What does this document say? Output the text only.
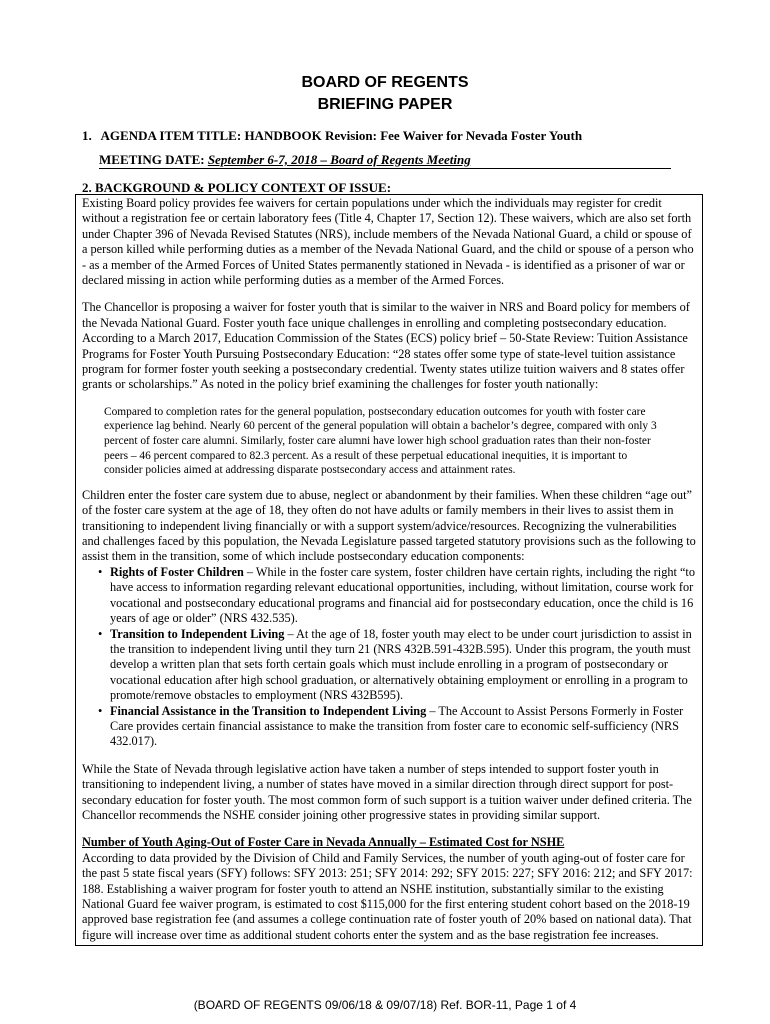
BOARD OF REGENTS
BRIEFING PAPER
1. AGENDA ITEM TITLE: HANDBOOK Revision: Fee Waiver for Nevada Foster Youth
MEETING DATE: September 6-7, 2018 – Board of Regents Meeting
2. BACKGROUND & POLICY CONTEXT OF ISSUE:

Existing Board policy provides fee waivers for certain populations under which the individuals may register for credit without a registration fee or certain laboratory fees (Title 4, Chapter 17, Section 12). These waivers, which are also set forth under Chapter 396 of Nevada Revised Statutes (NRS), include members of the Nevada National Guard, a child or spouse of a person killed while performing duties as a member of the Nevada National Guard, and the child or spouse of a person who - as a member of the Armed Forces of United States permanently stationed in Nevada - is identified as a prisoner of war or declared missing in action while performing duties as a member of the Armed Forces.

The Chancellor is proposing a waiver for foster youth that is similar to the waiver in NRS and Board policy for members of the Nevada National Guard. Foster youth face unique challenges in enrolling and completing postsecondary education. According to a March 2017, Education Commission of the States (ECS) policy brief – 50-State Review: Tuition Assistance Programs for Foster Youth Pursuing Postsecondary Education: “28 states offer some type of state-level tuition assistance program for former foster youth seeking a postsecondary credential. Twenty states utilize tuition waivers and 8 states offer grants or scholarships.” As noted in the policy brief examining the challenges for foster youth nationally:

Compared to completion rates for the general population, postsecondary education outcomes for youth with foster care experience lag behind. Nearly 60 percent of the general population will obtain a bachelor’s degree, compared with only 3 percent of foster care alumni. Similarly, foster care alumni have lower high school graduation rates than their non-foster peers – 46 percent compared to 82.3 percent. As a result of these perpetual educational inequities, it is important to consider policies aimed at addressing disparate postsecondary access and attainment rates.

Children enter the foster care system due to abuse, neglect or abandonment by their families. When these children “age out” of the foster care system at the age of 18, they often do not have adults or family members in their lives to assist them in transitioning to independent living financially or with a support system/advice/resources. Recognizing the vulnerabilities and challenges faced by this population, the Nevada Legislature passed targeted statutory provisions such as the following to assist them in the transition, some of which include postsecondary education components:

• Rights of Foster Children – While in the foster care system, foster children have certain rights, including the right “to have access to information regarding relevant educational opportunities, including, without limitation, course work for vocational and postsecondary educational programs and financial aid for postsecondary education, once the child is 16 years of age or older” (NRS 432.535).
• Transition to Independent Living – At the age of 18, foster youth may elect to be under court jurisdiction to assist in the transition to independent living until they turn 21 (NRS 432B.591-432B.595). Under this program, the youth must develop a written plan that sets forth certain goals which must include enrolling in a program of postsecondary or vocational education after high school graduation, or alternatively obtaining employment or enrolling in a program to promote/remove obstacles to employment (NRS 432B595).
• Financial Assistance in the Transition to Independent Living – The Account to Assist Persons Formerly in Foster Care provides certain financial assistance to make the transition from foster care to economic self-sufficiency (NRS 432.017).

While the State of Nevada through legislative action have taken a number of steps intended to support foster youth in transitioning to independent living, a number of states have moved in a similar direction through direct support for post-secondary education for foster youth. The most common form of such support is a tuition waiver under defined criteria. The Chancellor recommends the NSHE consider joining other progressive states in providing similar support.

Number of Youth Aging-Out of Foster Care in Nevada Annually – Estimated Cost for NSHE

According to data provided by the Division of Child and Family Services, the number of youth aging-out of foster care for the past 5 state fiscal years (SFY) follows: SFY 2013: 251; SFY 2014: 292; SFY 2015: 227; SFY 2016: 212; and SFY 2017: 188. Establishing a waiver program for foster youth to attend an NSHE institution, substantially similar to the existing National Guard fee waiver program, is estimated to cost $115,000 for the first entering student cohort based on the 2018-19 approved base registration fee (and assumes a college continuation rate of foster youth of 20% based on national data). That figure will increase over time as additional student cohorts enter the system and as the base registration fee increases.

(BOARD OF REGENTS 09/06/18 & 09/07/18) Ref. BOR-11, Page 1 of 4
